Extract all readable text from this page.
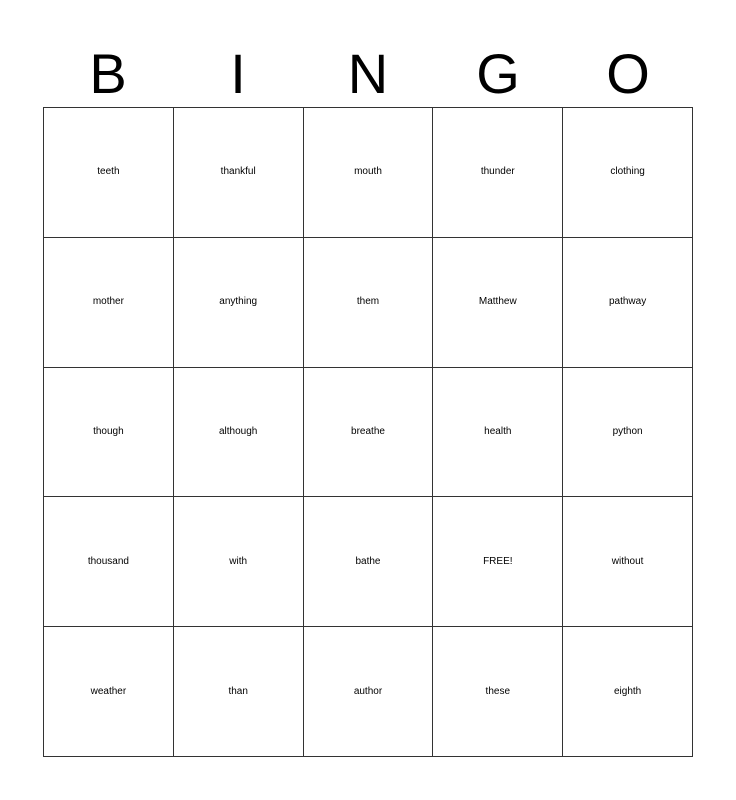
B	I	N	G	O
teeth	thankful	mouth	thunder	clothing
mother	anything	them	Matthew	pathway
though	although	breathe	health	python
thousand	with	bathe	FREE!	without
weather	than	author	these	eighth
